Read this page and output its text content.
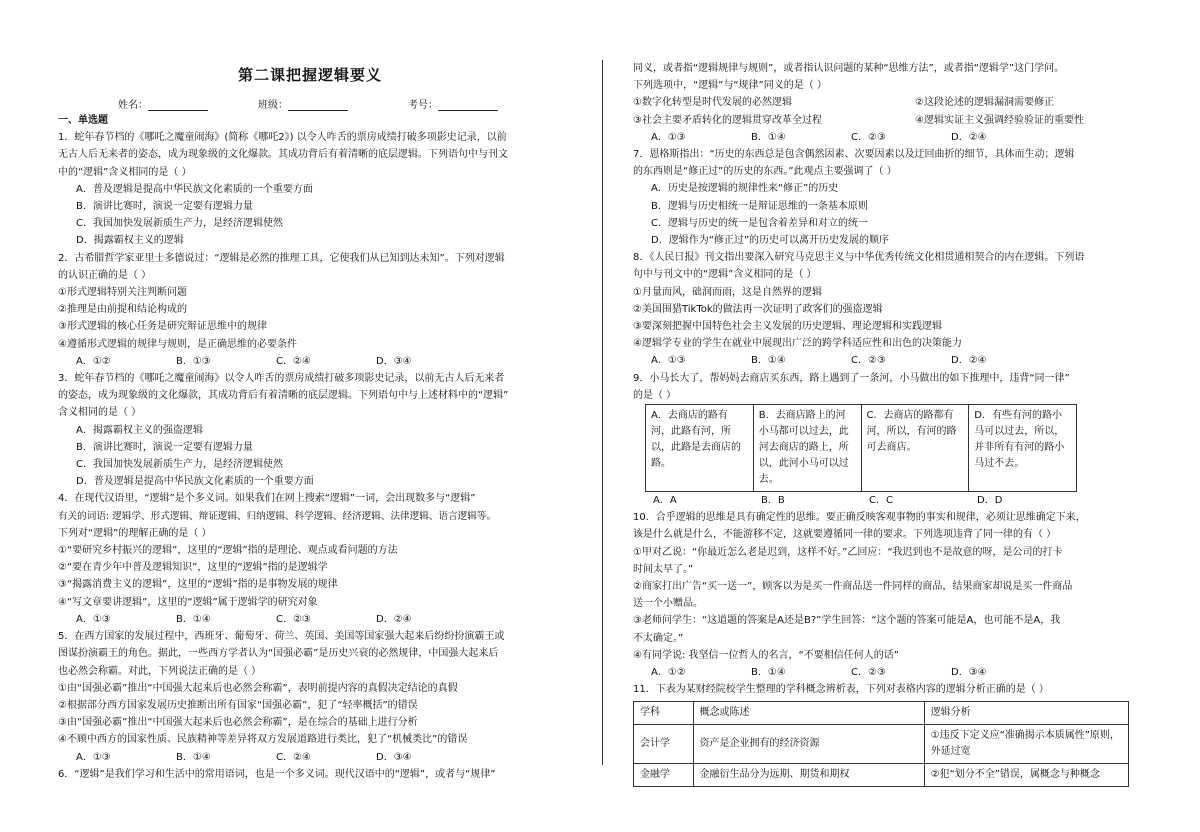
第二课把握逻辑要义
姓名：	班级：	考号：

一、单选题

1．蛇年春节档的《哪吒之魔童闹海》(简称《哪吒2》) 以令人咋舌的票房成绩打破多项影史记录，以前

无古人后无来者的姿态，成为现象级的文化爆款。其成功背后有着清晰的底层逻辑。下列语句中与刊文

中的“逻辑”含义相同的是（ ）

A．普及逻辑是提高中华民族文化素质的一个重要方面

B．演讲比赛时，演说一定要有逻辑力量

C．我国加快发展新质生产力，是经济逻辑使然

D．揭露霸权主义的逻辑

2．古希腊哲学家亚里士多德说过：“逻辑是必然的推理工具，它使我们从已知到达未知”。下列对逻辑

的认识正确的是（ ）

①形式逻辑特别关注判断问题

②推理是由前提和结论构成的

③形式逻辑的核心任务是研究辩证思维中的规律

④遵循形式逻辑的规律与规则，是正确思维的必要条件

A．①②	B．①③	C．②④	D．③④

3．蛇年春节档的《哪吒之魔童闹海》以令人咋舌的票房成绩打破多项影史记录，以前无古人后无来者

的姿态，成为现象级的文化爆款，其成功背后有着清晰的底层逻辑。下列语句中与上述材料中的“逻辑”

含义相同的是（ ）

A．揭露霸权主义的强盗逻辑

B．演讲比赛时，演说一定要有逻辑力量

C．我国加快发展新质生产力，是经济逻辑使然

D．普及逻辑是提高中华民族文化素质的一个重要方面

4．在现代汉语里，“逻辑”是个多义词。如果我们在网上搜索“逻辑”一词，会出现数多与“逻辑”

有关的词语: 逻辑学、形式逻辑、辩证逻辑、归纳逻辑、科学逻辑、经济逻辑、法律逻辑、语言逻辑等。

下列对“逻辑”的理解正确的是（ ）

①“要研究乡村振兴的逻辑”，这里的“逻辑”指的是理论、观点或看问题的方法

②“要在青少年中普及逻辑知识”，这里的“逻辑”指的是逻辑学

③“揭露消费主义的逻辑”，这里的“逻辑”指的是事物发展的规律

④“写文章要讲逻辑”，这里的“逻辑”属于逻辑学的研究对象

A．①③	B．①④	C．②③	D．②④

5．在西方国家的发展过程中，西班牙、葡萄牙、荷兰、英国、美国等国家强大起来后纷纷扮演霸王或

图谋扮演霸王的角色。据此，一些西方学者认为“国强必霸”是历史兴衰的必然规律，中国强大起来后

也必然会称霸。对此，下列说法正确的是（ ）

①由“国强必霸”推出“中国强大起来后也必然会称霸”，表明前提内容的真假决定结论的真假

②根据部分西方国家发展历史推断出所有国家“国强必霸”，犯了“轻率概括”的错误

③由“国强必霸”推出“中国强大起来后也必然会称霸”，是在综合的基础上进行分析

④不顾中西方的国家性质、民族精神等差异将双方发展道路进行类比，犯了“机械类比”的错误

A．①③	B．①④	C．②④	D．③④

6．“逻辑”是我们学习和生活中的常用语词，也是一个多义词。现代汉语中的“逻辑”，或者与“规律”

同义，或者指“逻辑规律与规则”，或者指认识问题的某种“思维方法”，或者指“逻辑学”这门学问。

下列选项中，“逻辑”与“规律”同义的是（ ）

①数字化转型是时代发展的必然逻辑	②这段论述的逻辑漏洞需要修正
③社会主要矛盾转化的逻辑贯穿改革全过程	④逻辑实证主义强调经验验证的重要性
A．①③	B．①④	C．②③	D．②④

7．恩格斯指出：“历史的东西总是包含偶然因素、次要因素以及迂回曲折的细节，具体而生动；逻辑

的东西则是“修正过”的历史的东西。”此观点主要强调了（ ）

A．历史是按逻辑的规律性来“修正”的历史

B．逻辑与历史相统一是辩证思维的一条基本原则

C．逻辑与历史的统一是包含着差异和对立的统一

D．逻辑作为“修正过”的历史可以离开历史发展的顺序

8．《人民日报》刊文指出要深入研究马克思主义与中华优秀传统文化相贯通相契合的内在逻辑。下列语

句中与刊文中的“逻辑”含义相同的是（ ）

①月量而风，础润而雨，这是自然界的逻辑

②美国围猎TikTok的做法再一次证明了政客们的强盗逻辑

③要深刻把握中国特色社会主义发展的历史逻辑、理论逻辑和实践逻辑

④逻辑学专业的学生在就业中展现出广泛的跨学科适应性和出色的决策能力

A．①③	B．①④	C．②③	D．②④

9．小马长大了，帮妈妈去商店买东西，路上遇到了一条河，小马做出的如下推理中，违背“同一律”

的是（ ）

A．去商店的路有河，此路有河，所以，此路是去商店的路。	B．去商店路上的河小马都可以过去，此河去商店的路上，所以，此河小马可以过去。	C．去商店的路都有河，所以，有河的路可去商店。	D．有些有河的路小马可以过去，所以，并非所有有河的路小马过不去。
A．A	B．B	C．C	D．D

10．合乎逻辑的思维是具有确定性的思维。要正确反映客观事物的事实和规律，必须让思维确定下来，

该是什么就是什么，不能游移不定，这就要遵循同一律的要求。下列选项违背了同一律的有（ ）

①甲对乙说：“你最近怎么老是迟到，这样不好。”乙回应：“我迟到也不是故意的呀，是公司的打卡

时间太早了。”

②商家打出广告“买一送一”，顾客以为是买一件商品送一件同样的商品，结果商家却说是买一件商品

送一个小赠品。

③老师问学生：“这道题的答案是A还是B?”学生回答：“这个题的答案可能是A，也可能不是A，我

不太确定。”

④有同学说: 我坚信一位哲人的名言，“不要相信任何人的话”

A．①②	B．①④	C．②③	D．③④

11．下表为某财经院校学生整理的学科概念辨析表，下列对表格内容的逻辑分析正确的是（ ）

学科	概念或陈述	逻辑分析
会计学	资产是企业拥有的经济资源	①违反下定义应“准确揭示本质属性”原则，外延过宽
金融学	金融衍生品分为远期、期货和期权	②犯“划分不全”错误，属概念与种概念
